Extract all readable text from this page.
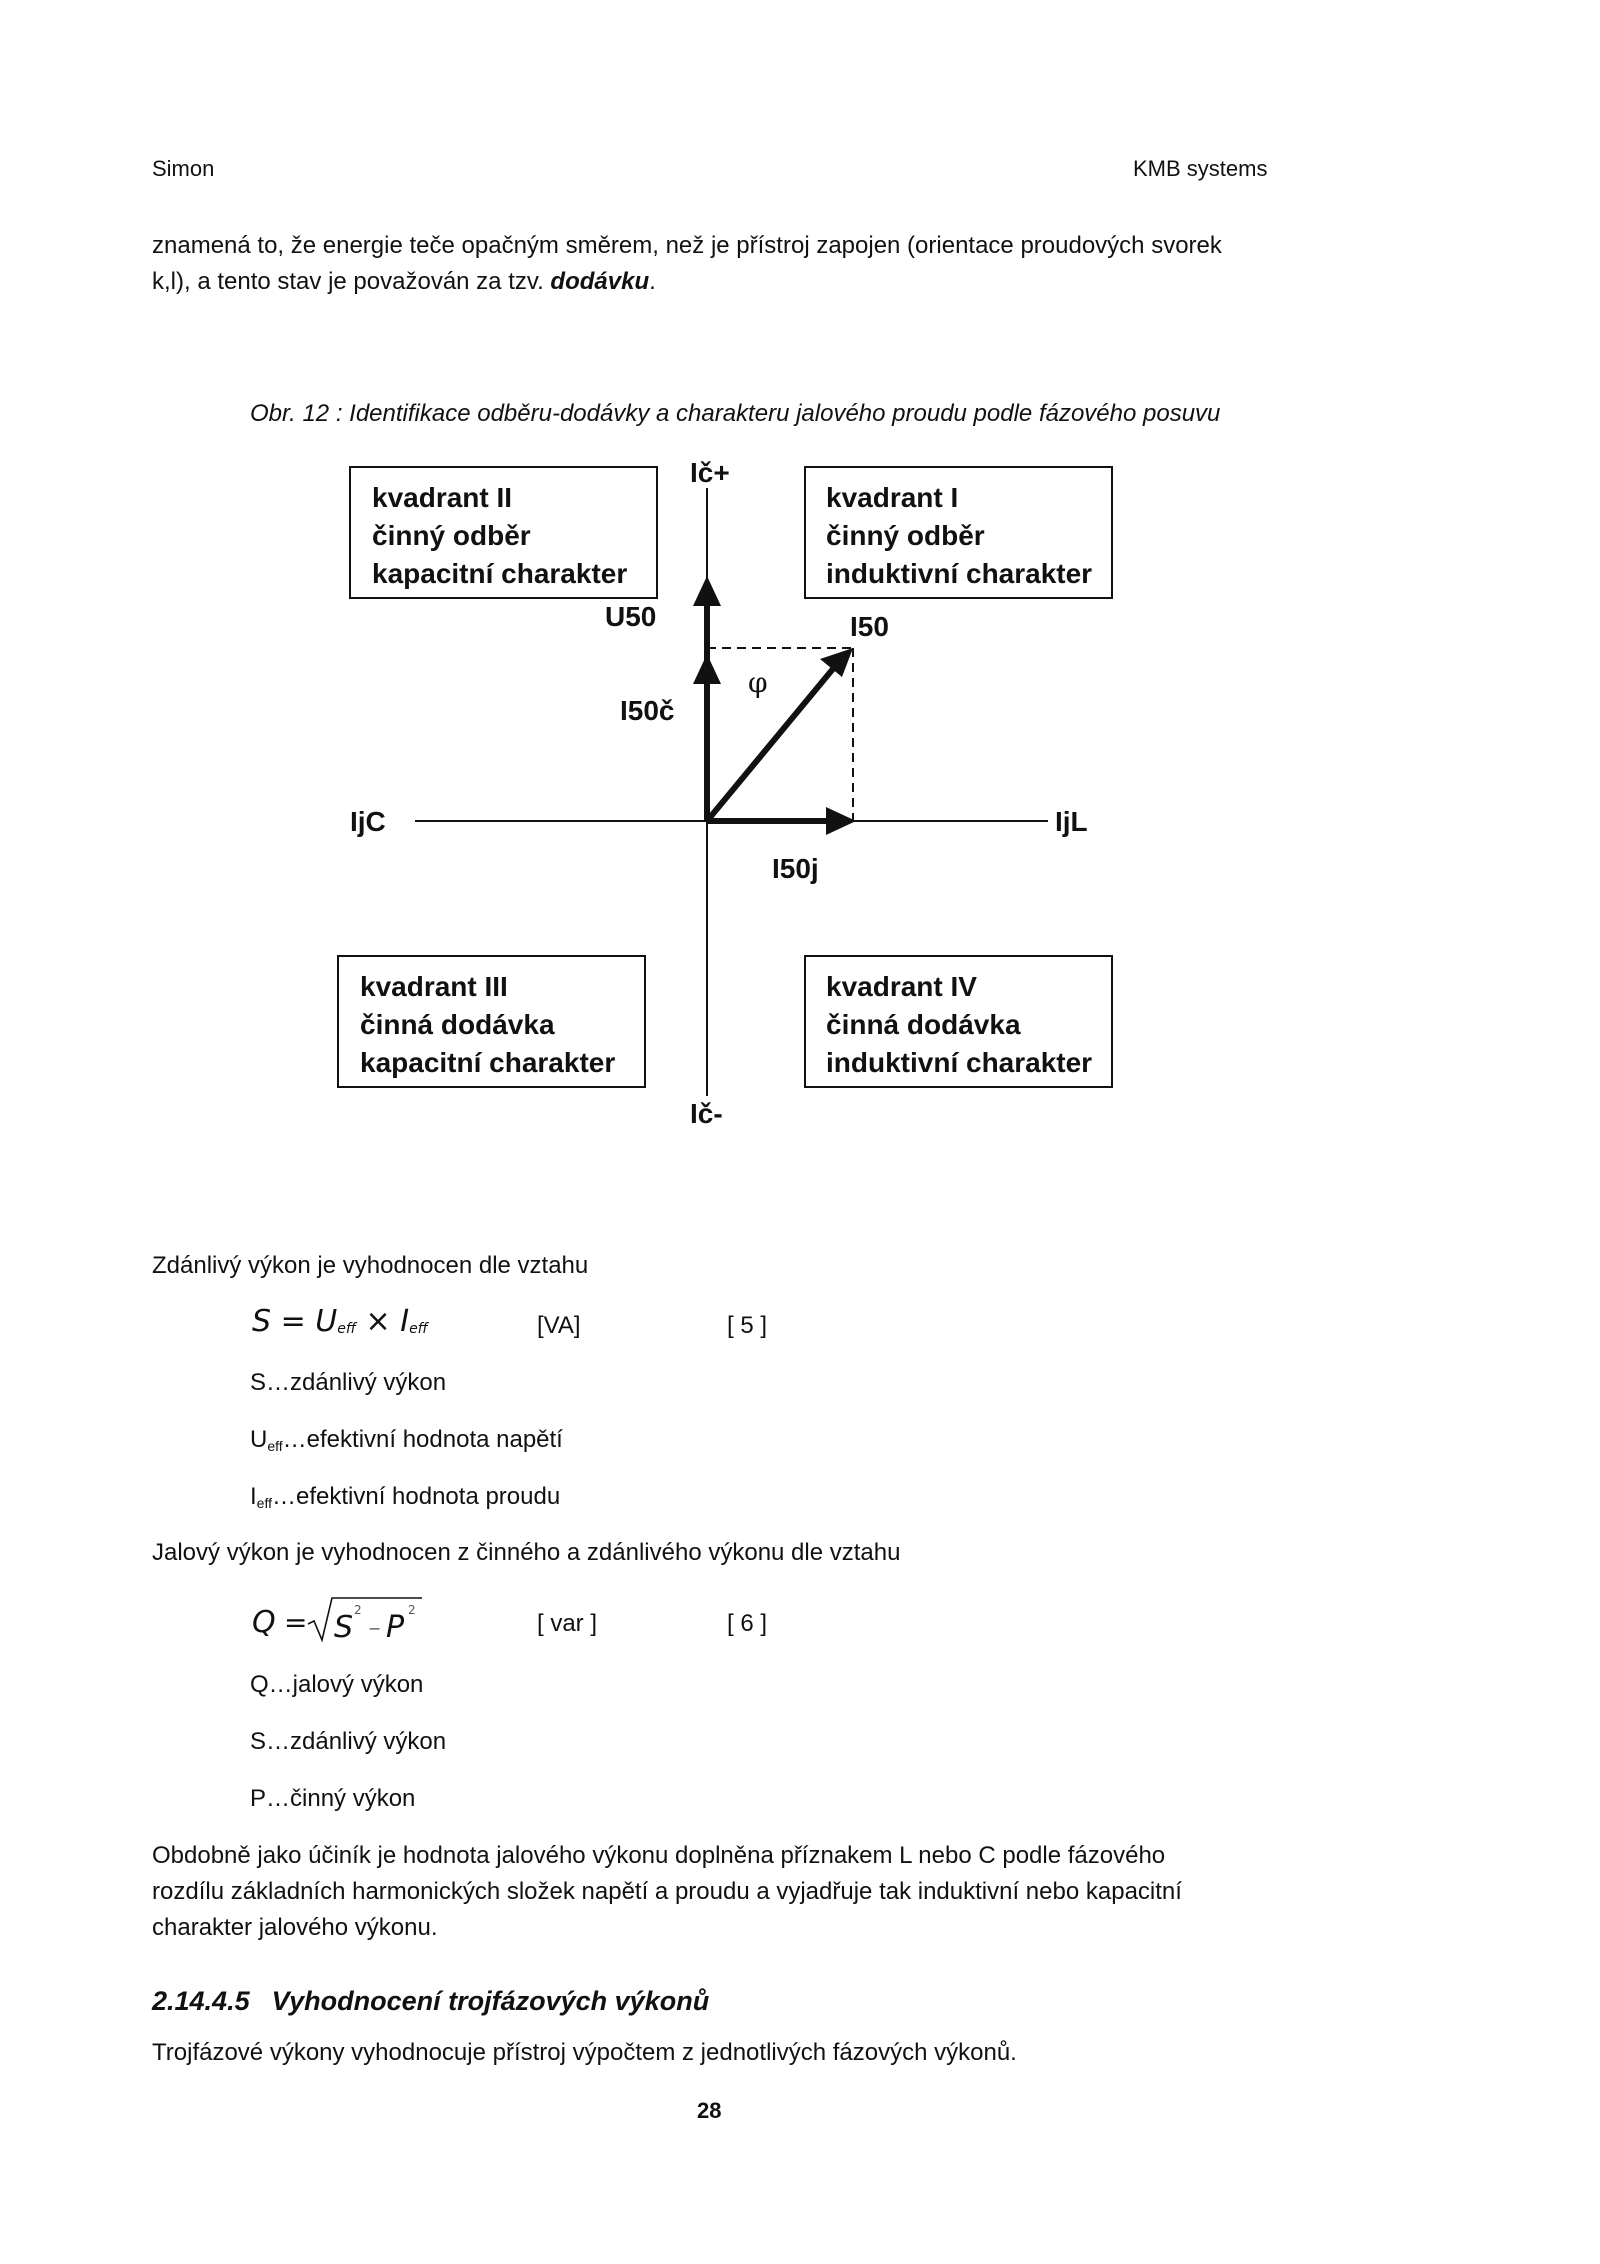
Simon	KMB systems
znamená to, že energie teče opačným směrem, než je přístroj zapojen (orientace proudových svorek
k,l), a tento stav je považován za tzv. dodávku.
Obr. 12 : Identifikace odběru-dodávky a charakteru jalového proudu podle fázového posuvu
kvadrant II
činný odběr
kapacitní charakter
kvadrant I
činný odběr
induktivní charakter
kvadrant III
činná dodávka
kapacitní charakter
kvadrant IV
činná dodávka
induktivní charakter
Ič+
Ič-
IjC	IjL
U50	I50
I50č
I50j
φ
Zdánlivý výkon je vyhodnocen dle vztahu
$S = U_{eff} \times I_{eff}$	[VA]	[ 5 ]
S…zdánlivý výkon
$U_{eff}\dots efektivní$ hodnota napětí
$I_{eff}\dots efektivní$ hodnota proudu
Jalový výkon je vyhodnocen z činného a zdánlivého výkonu dle vztahu
Q = S 2
− P 2	[ var ]	[ 6 ]
Q…jalový výkon
S…zdánlivý výkon
P…činný výkon
Obdobně jako účiník je hodnota jalového výkonu doplněna příznakem L nebo C podle fázového
rozdílu základních harmonických složek napětí a proudu a vyjadřuje tak induktivní nebo kapacitní
charakter jalového výkonu.
2.14.4.5 Vyhodnocení trojfázových výkonů
Trojfázové výkony vyhodnocuje přístroj výpočtem z jednotlivých fázových výkonů.
28
